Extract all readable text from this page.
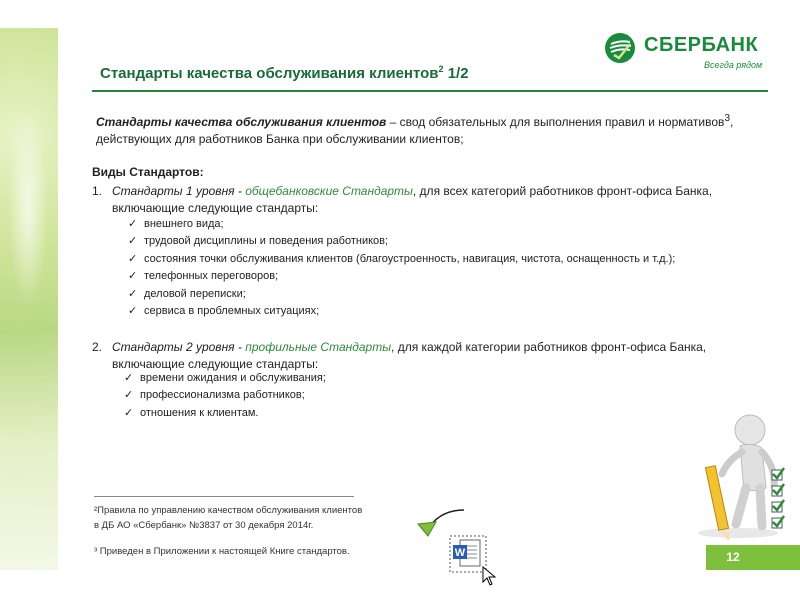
СБЕРБАНК
Всегда рядом
Стандарты качества обслуживания клиентов$^2$ 1/2
Стандарты качества обслуживания клиентов – свод обязательных для выполнения правил и нормативов$^3$, действующих для работников Банка при обслуживании клиентов;
Виды Стандартов:
1. Стандарты 1 уровня - общебанковские Стандарты, для всех категорий работников фронт-офиса Банка, включающие следующие стандарты:
✓ внешнего вида;
✓ трудовой дисциплины и поведения работников;
✓ состояния точки обслуживания клиентов (благоустроенность, навигация, чистота, оснащенность и т.д.);
✓ телефонных переговоров;
✓ деловой переписки;
✓ сервиса в проблемных ситуациях;
2. Стандарты 2 уровня - профильные Стандарты, для каждой категории работников фронт-офиса Банка, включающие следующие стандарты:
✓ времени ожидания и обслуживания;
✓ профессионализма работников;
✓ отношения к клиентам.
²Правила по управлению качеством обслуживания клиентов
в ДБ АО «Сбербанк» №3837 от 30 декабря 2014г.
³ Приведен в Приложении к настоящей Книге стандартов.	W	12
